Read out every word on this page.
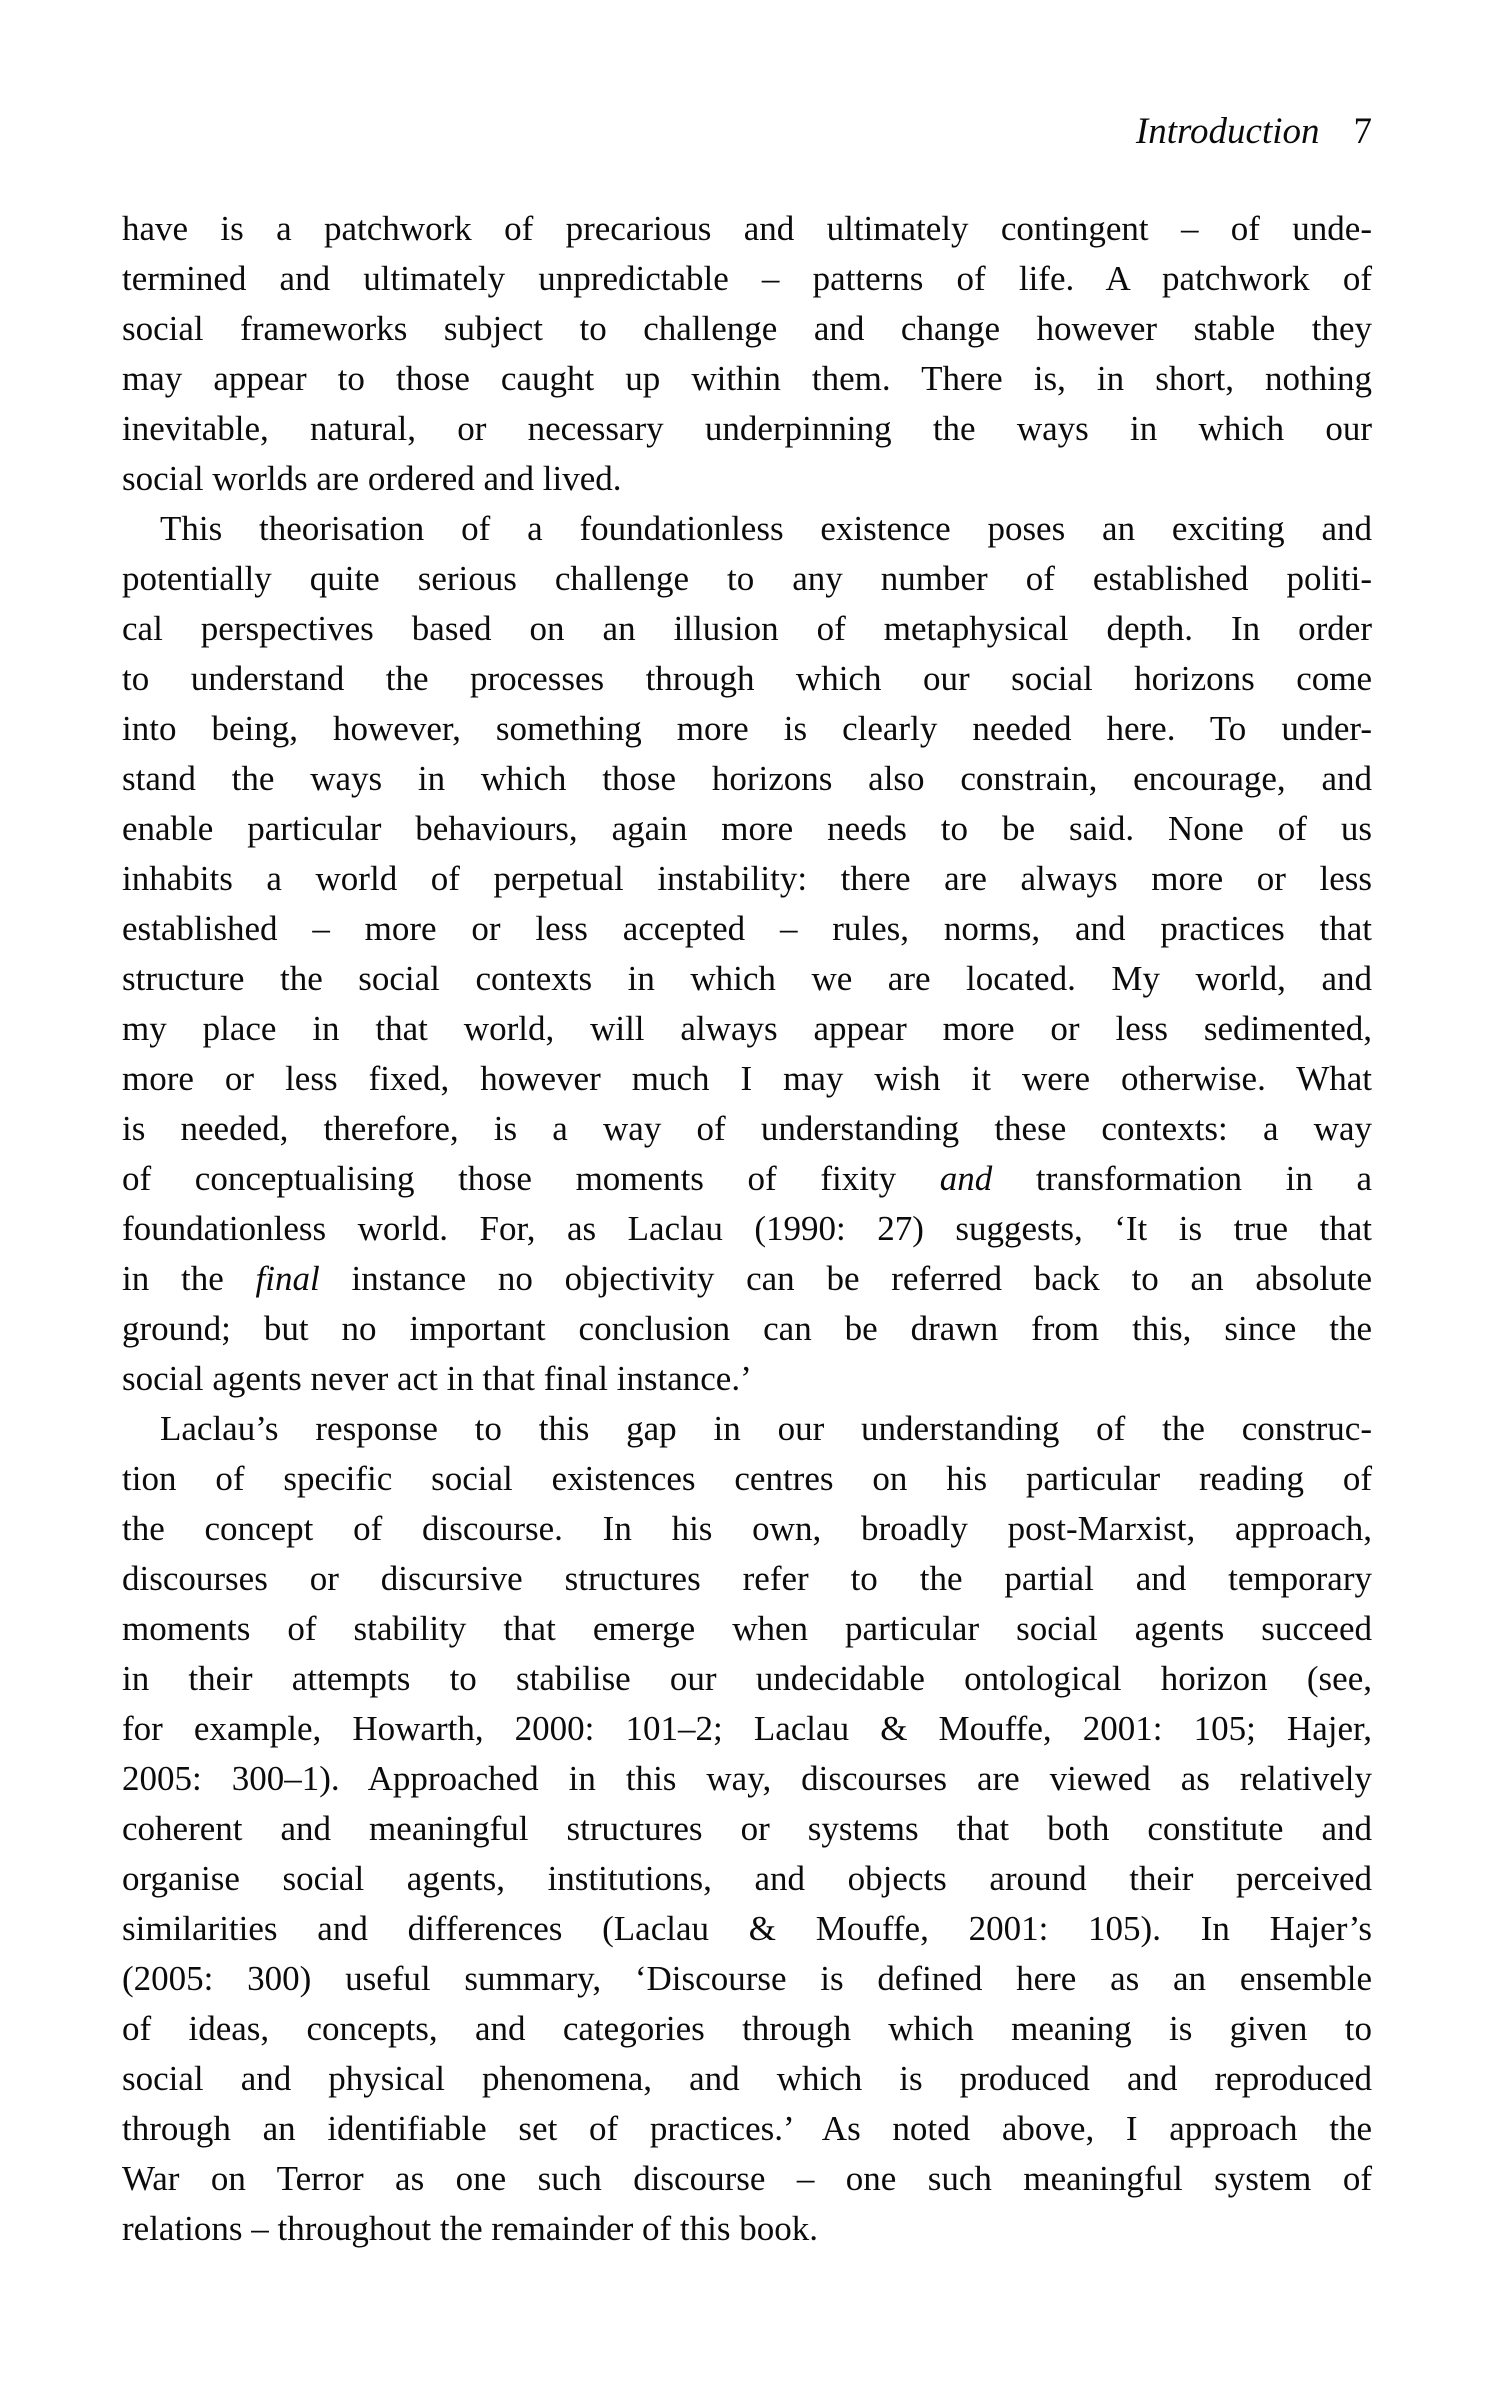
Introduction 7
have is a patchwork of precarious and ultimately contingent – of unde-
termined and ultimately unpredictable – patterns of life. A patchwork of
social frameworks subject to challenge and change however stable they
may appear to those caught up within them. There is, in short, nothing
inevitable, natural, or necessary underpinning the ways in which our
social worlds are ordered and lived.
This theorisation of a foundationless existence poses an exciting and
potentially quite serious challenge to any number of established politi-
cal perspectives based on an illusion of metaphysical depth. In order
to understand the processes through which our social horizons come
into being, however, something more is clearly needed here. To under-
stand the ways in which those horizons also constrain, encourage, and
enable particular behaviours, again more needs to be said. None of us
inhabits a world of perpetual instability: there are always more or less
established – more or less accepted – rules, norms, and practices that
structure the social contexts in which we are located. My world, and
my place in that world, will always appear more or less sedimented,
more or less fixed, however much I may wish it were otherwise. What
is needed, therefore, is a way of understanding these contexts: a way
of conceptualising those moments of fixity and transformation in a
foundationless world. For, as Laclau (1990: 27) suggests, ‘It is true that
in the final instance no objectivity can be referred back to an absolute
ground; but no important conclusion can be drawn from this, since the
social agents never act in that final instance.’
Laclau’s response to this gap in our understanding of the construc-
tion of specific social existences centres on his particular reading of
the concept of discourse. In his own, broadly post-Marxist, approach,
discourses or discursive structures refer to the partial and temporary
moments of stability that emerge when particular social agents succeed
in their attempts to stabilise our undecidable ontological horizon (see,
for example, Howarth, 2000: 101–2; Laclau & Mouffe, 2001: 105; Hajer,
2005: 300–1). Approached in this way, discourses are viewed as relatively
coherent and meaningful structures or systems that both constitute and
organise social agents, institutions, and objects around their perceived
similarities and differences (Laclau & Mouffe, 2001: 105). In Hajer’s
(2005: 300) useful summary, ‘Discourse is defined here as an ensemble
of ideas, concepts, and categories through which meaning is given to
social and physical phenomena, and which is produced and reproduced
through an identifiable set of practices.’ As noted above, I approach the
War on Terror as one such discourse – one such meaningful system of
relations – throughout the remainder of this book.
